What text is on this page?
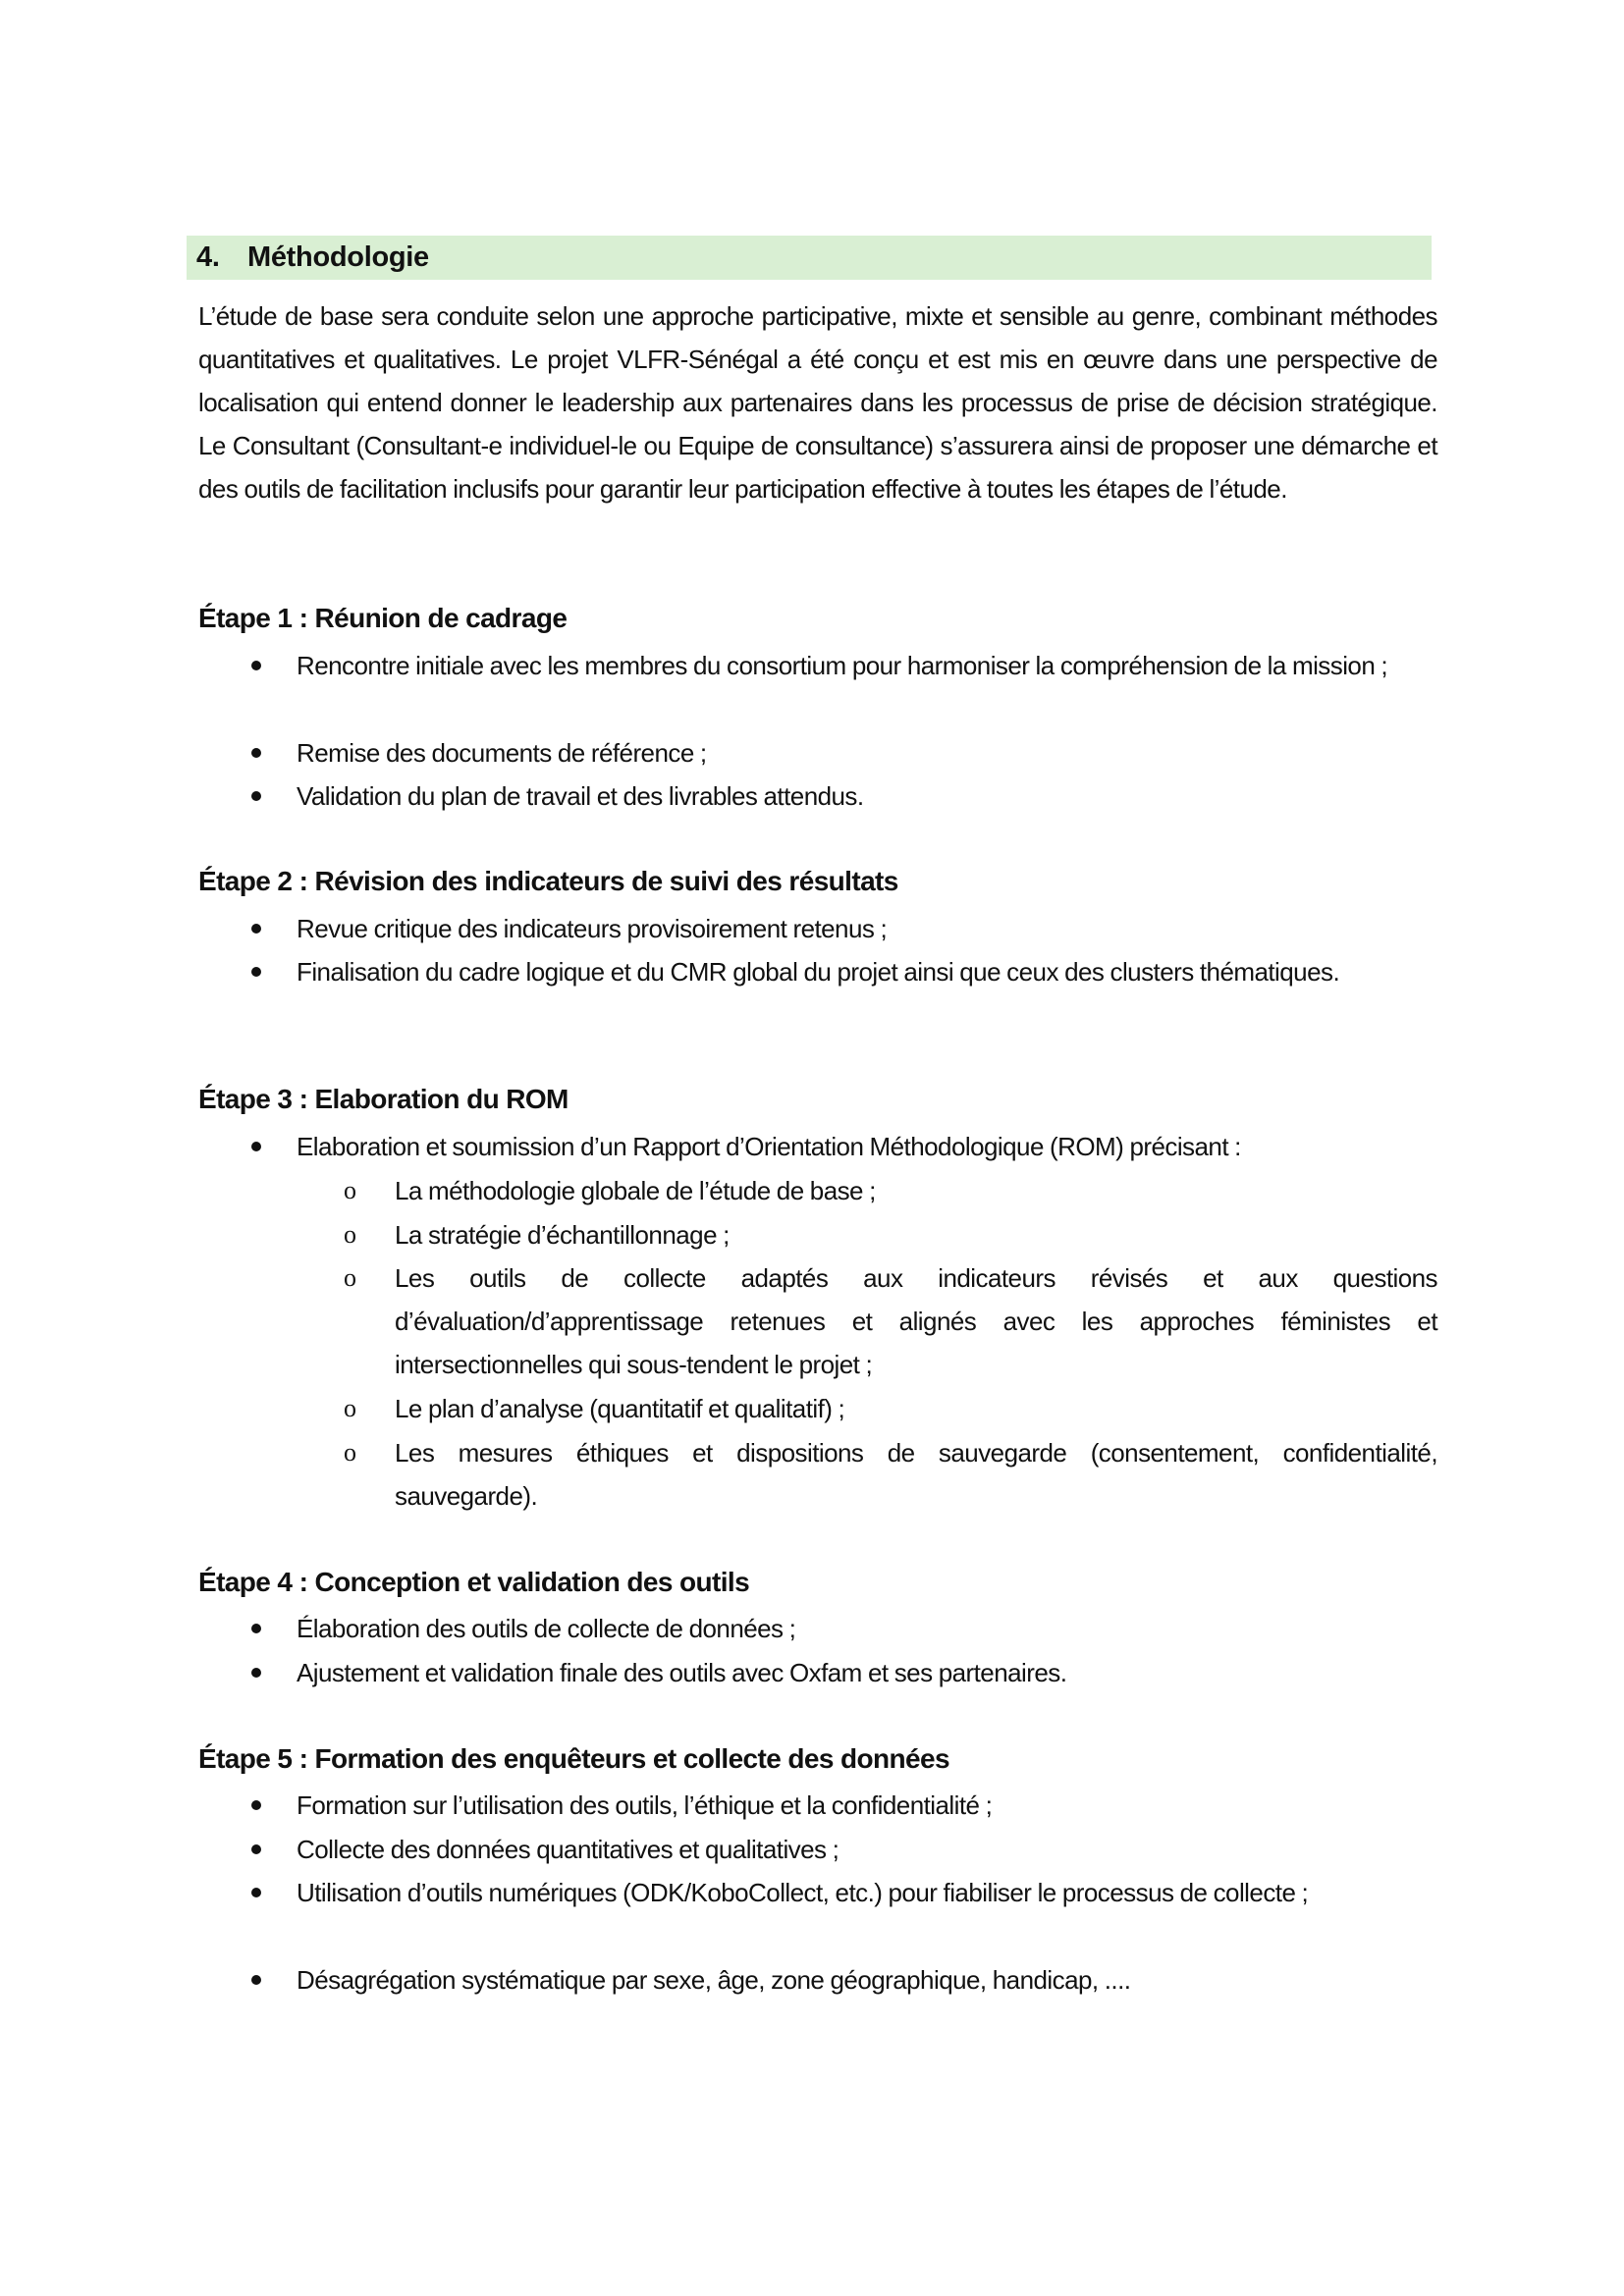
4. Méthodologie

L’étude de base sera conduite selon une approche participative, mixte et sensible au genre, combinant méthodes quantitatives et qualitatives. Le projet VLFR-Sénégal a été conçu et est mis en œuvre dans une perspective de localisation qui entend donner le leadership aux partenaires dans les processus de prise de décision stratégique. Le Consultant (Consultant-e individuel-le ou Equipe de consultance) s’assurera ainsi de proposer une démarche et des outils de facilitation inclusifs pour garantir leur participation effective à toutes les étapes de l’étude.

Étape 1 : Réunion de cadrage
Rencontre initiale avec les membres du consortium pour harmoniser la compréhension de la mission ;
Remise des documents de référence ;
Validation du plan de travail et des livrables attendus.
Étape 2 : Révision des indicateurs de suivi des résultats
Revue critique des indicateurs provisoirement retenus ;
Finalisation du cadre logique et du CMR global du projet ainsi que ceux des clusters thématiques.
Étape 3 : Elaboration du ROM
Elaboration et soumission d’un Rapport d’Orientation Méthodologique (ROM) précisant :
o La méthodologie globale de l’étude de base ;
o La stratégie d’échantillonnage ;
o Les outils de collecte adaptés aux indicateurs révisés et aux questions d’évaluation/d’apprentissage retenues et alignés avec les approches féministes et intersectionnelles qui sous-tendent le projet ;
o Le plan d’analyse (quantitatif et qualitatif) ;
o Les mesures éthiques et dispositions de sauvegarde (consentement, confidentialité, sauvegarde).
Étape 4 : Conception et validation des outils
Élaboration des outils de collecte de données ;
Ajustement et validation finale des outils avec Oxfam et ses partenaires.
Étape 5 : Formation des enquêteurs et collecte des données
Formation sur l’utilisation des outils, l’éthique et la confidentialité ;
Collecte des données quantitatives et qualitatives ;
Utilisation d’outils numériques (ODK/KoboCollect, etc.) pour fiabiliser le processus de collecte ;
Désagrégation systématique par sexe, âge, zone géographique, handicap, ....
